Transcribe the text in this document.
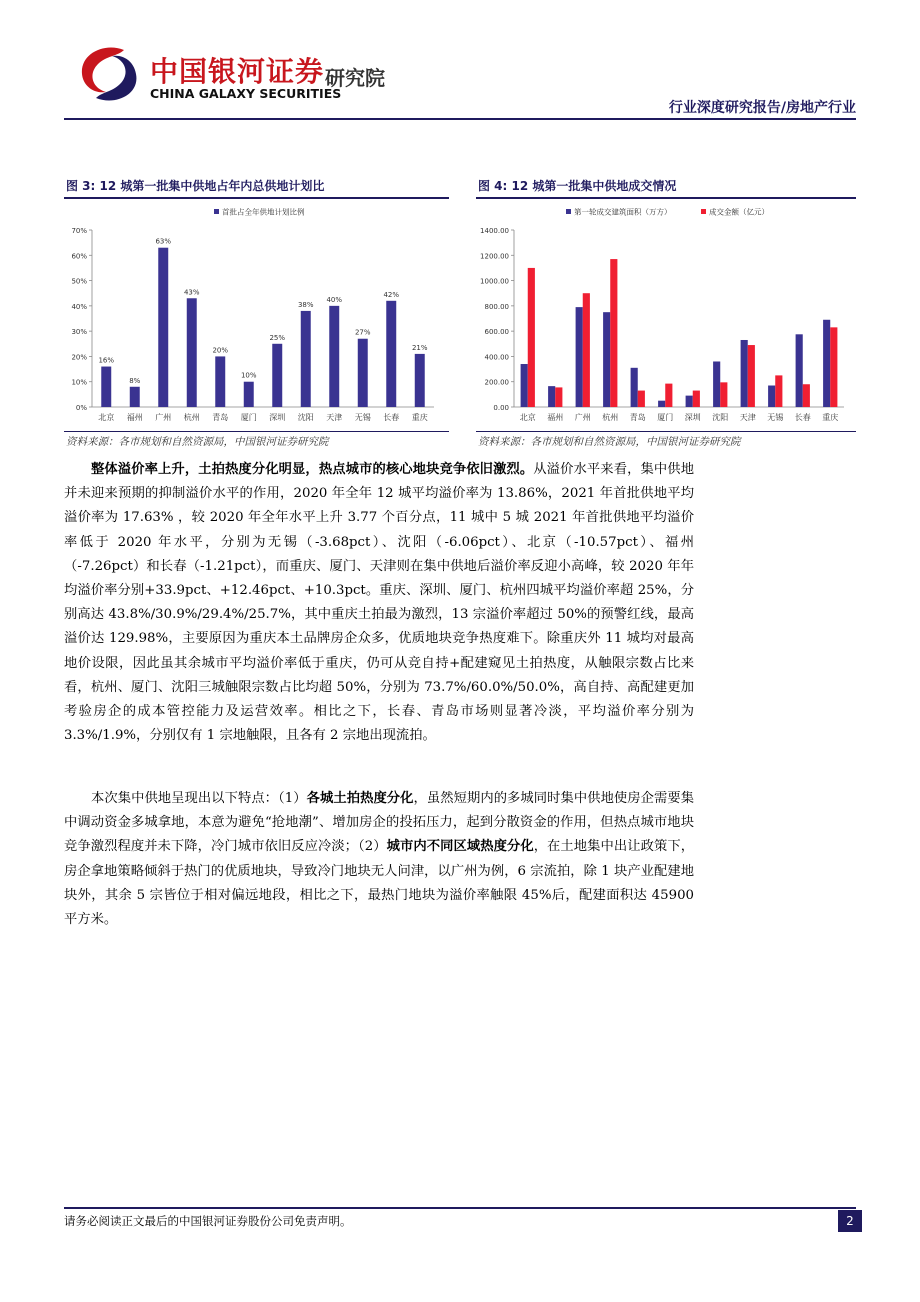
中国银河证券
CHINA GALAXY SECURITIES
研究院
行业深度研究报告/房地产行业
图 3: 12 城第一批集中供地占年内总供地计划比
0%
10%
20%
30%
40%
50%
60%
70%
北京
16%
福州
8%
广州
63%
杭州
43%
青岛
20%
厦门
10%
深圳
25%
沈阳
38%
天津
40%
无锡
27%
长春
42%
重庆
21%
首批占全年供地计划比例
资料来源：各市规划和自然资源局，中国银河证券研究院
图 4: 12 城第一批集中供地成交情况
0.00
200.00
400.00
600.00
800.00
1000.00
1200.00
1400.00
北京 福州 广州 杭州 青岛 厦门 深圳 沈阳 天津 无锡 长春 重庆
第一轮成交建筑面积（万方）	成交金额（亿元）
资料来源：各市规划和自然资源局，中国银河证券研究院
整体溢价率上升，土拍热度分化明显，热点城市的核心地块竞争依旧激烈。从溢价水平来看，集中供地并未迎来预期的抑制溢价水平的作用，2020 年全年 12 城平均溢价率为 13.86%，2021 年首批供地平均溢价率为 17.63% ，较 2020 年全年水平上升 3.77 个百分点，11 城中 5 城 2021 年首批供地平均溢价率低于 2020 年水平，分别为无锡（-3.68pct）、沈阳（-6.06pct）、北京（-10.57pct）、福州（-7.26pct）和长春（-1.21pct），而重庆、厦门、天津则在集中供地后溢价率反迎小高峰，较 2020 年年均溢价率分别+33.9pct、+12.46pct、+10.3pct。重庆、深圳、厦门、杭州四城平均溢价率超 25%，分别高达 43.8%/30.9%/29.4%/25.7%，其中重庆土拍最为激烈，13 宗溢价率超过 50%的预警红线，最高溢价达 129.98%，主要原因为重庆本土品牌房企众多，优质地块竞争热度难下。除重庆外 11 城均对最高地价设限，因此虽其余城市平均溢价率低于重庆，仍可从竞自持+配建窥见土拍热度，从触限宗数占比来看，杭州、厦门、沈阳三城触限宗数占比均超 50%，分别为 73.7%/60.0%/50.0%，高自持、高配建更加考验房企的成本管控能力及运营效率。相比之下，长春、青岛市场则显著冷淡，平均溢价率分别为 3.3%/1.9%，分别仅有 1 宗地触限，且各有 2 宗地出现流拍。
本次集中供地呈现出以下特点：（1）各城土拍热度分化，虽然短期内的多城同时集中供地使房企需要集中调动资金多城拿地，本意为避免“抢地潮”、增加房企的投拓压力，起到分散资金的作用，但热点城市地块竞争激烈程度并未下降，冷门城市依旧反应冷淡；（2）城市内不同区域热度分化，在土地集中出让政策下，房企拿地策略倾斜于热门的优质地块，导致冷门地块无人问津，以广州为例，6 宗流拍，除 1 块产业配建地块外，其余 5 宗皆位于相对偏远地段，相比之下，最热门地块为溢价率触限 45%后，配建面积达 45900 平方米。
请务必阅读正文最后的中国银河证券股份公司免责声明。	2
